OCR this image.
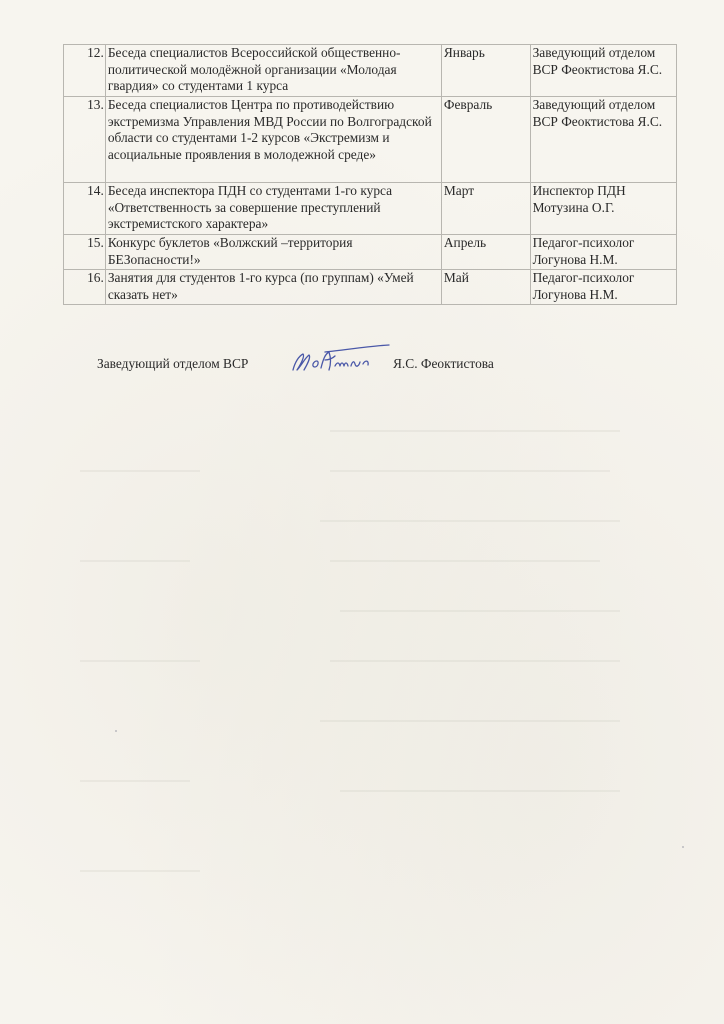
12.	Беседа специалистов Всероссийской общественно-политической молодёжной организации «Молодая гвардия» со студентами 1 курса	Январь	Заведующий отделом ВСР Феоктистова Я.С.
13.	Беседа специалистов Центра по противодействию экстремизма Управления МВД России по Волгоградской области со студентами 1-2 курсов «Экстремизм и асоциальные проявления в молодежной среде»	Февраль	Заведующий отделом ВСР Феоктистова Я.С.
14.	Беседа инспектора ПДН со студентами 1-го курса «Ответственность за совершение преступлений экстремистского характера»	Март	Инспектор ПДН Мотузина О.Г.
15.	Конкурс буклетов «Волжский –территория БЕЗопасности!»	Апрель	Педагог-психолог Логунова Н.М.
16.	Занятия для студентов 1-го курса (по группам) «Умей сказать нет»	Май	Педагог-психолог Логунова Н.М.
Заведующий отделом ВСР	Я.С. Феоктистова
